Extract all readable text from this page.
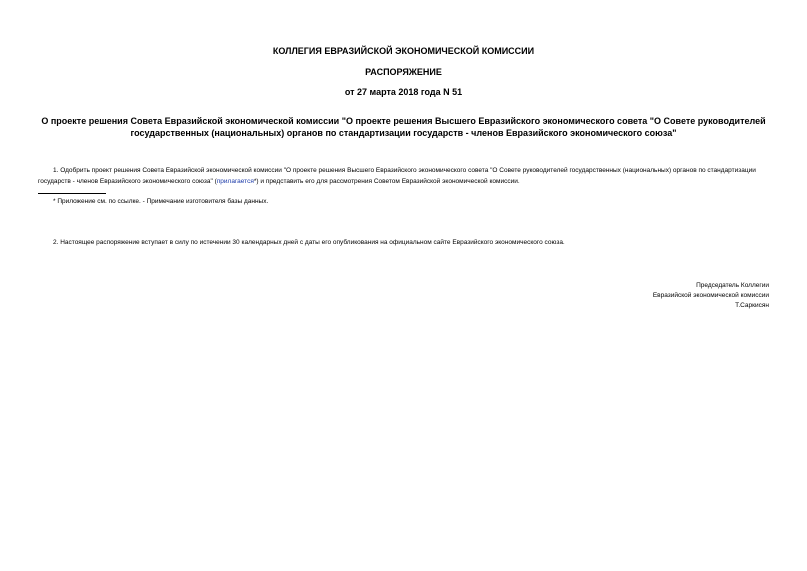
КОЛЛЕГИЯ ЕВРАЗИЙСКОЙ ЭКОНОМИЧЕСКОЙ КОМИССИИ
РАСПОРЯЖЕНИЕ
от 27 марта 2018 года N 51
О проекте решения Совета Евразийской экономической комиссии "О проекте решения Высшего Евразийского экономического совета "О Совете руководителей государственных (национальных) органов по стандартизации государств - членов Евразийского экономического союза"
1. Одобрить проект решения Совета Евразийской экономической комиссии "О проекте решения Высшего Евразийского экономического совета "О Совете руководителей государственных (национальных) органов по стандартизации государств - членов Евразийского экономического союза" (прилагается*) и представить его для рассмотрения Советом Евразийской экономической комиссии.
* Приложение см. по ссылке. - Примечание изготовителя базы данных.
2. Настоящее распоряжение вступает в силу по истечении 30 календарных дней с даты его опубликования на официальном сайте Евразийского экономического союза.
Председатель Коллегии
Евразийской экономической комиссии
Т.Саркисян
